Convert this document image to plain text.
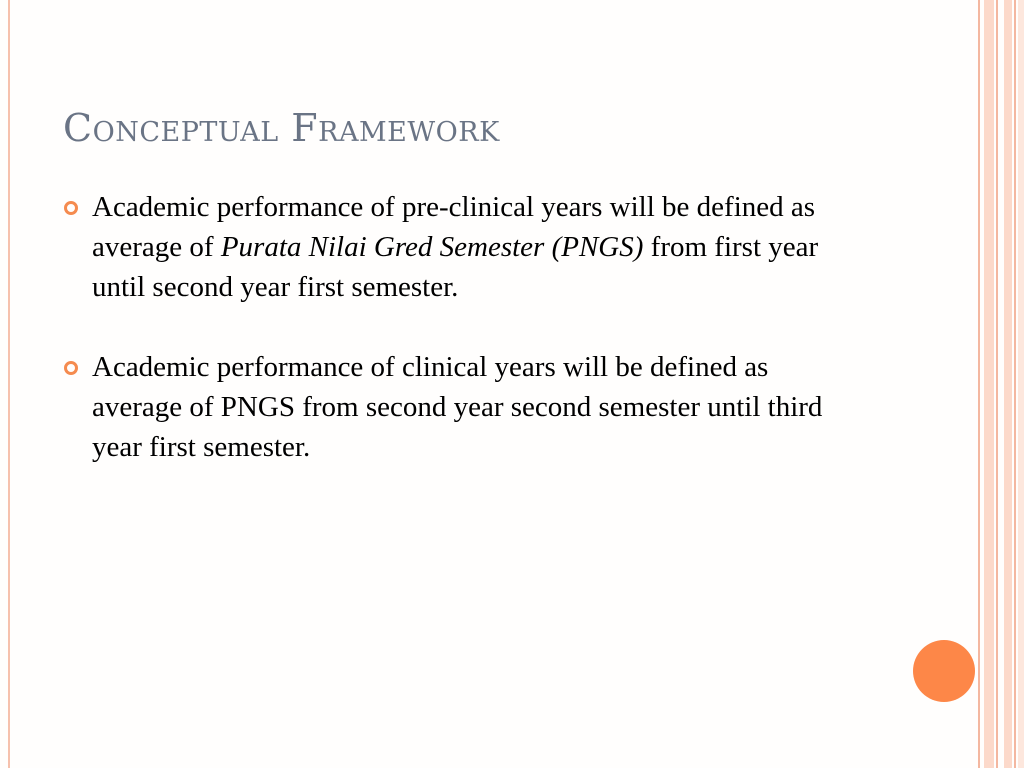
Conceptual Framework
Academic performance of pre-clinical years will be defined as average of Purata Nilai Gred Semester (PNGS) from first year until second year first semester.
Academic performance of clinical years will be defined as average of PNGS from second year second semester until third year first semester.
